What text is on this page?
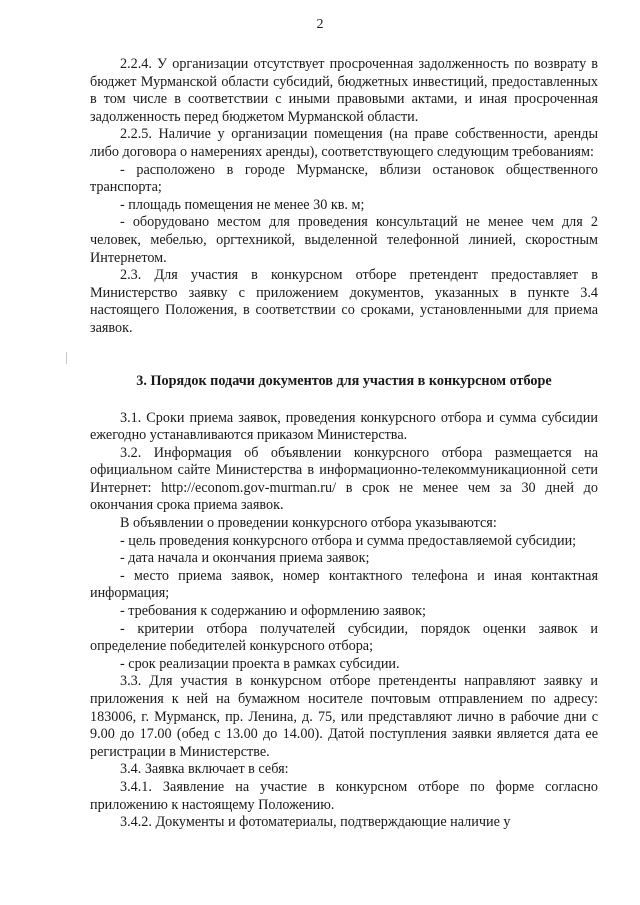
2

2.2.4. У организации отсутствует просроченная задолженность по возврату в бюджет Мурманской области субсидий, бюджетных инвестиций, предоставленных в том числе в соответствии с иными правовыми актами, и иная просроченная задолженность перед бюджетом Мурманской области.

2.2.5. Наличие у организации помещения (на праве собственности, аренды либо договора о намерениях аренды), соответствующего следующим требованиям:

- расположено в городе Мурманске, вблизи остановок общественного транспорта;

- площадь помещения не менее 30 кв. м;

- оборудовано местом для проведения консультаций не менее чем для 2 человек, мебелью, оргтехникой, выделенной телефонной линией, скоростным Интернетом.

2.3. Для участия в конкурсном отборе претендент предоставляет в Министерство заявку с приложением документов, указанных в пункте 3.4 настоящего Положения, в соответствии со сроками, установленными для приема заявок.

3. Порядок подачи документов для участия в конкурсном отборе

3.1. Сроки приема заявок, проведения конкурсного отбора и сумма субсидии ежегодно устанавливаются приказом Министерства.

3.2. Информация об объявлении конкурсного отбора размещается на официальном сайте Министерства в информационно-телекоммуникационной сети Интернет: http://econom.gov-murman.ru/ в срок не менее чем за 30 дней до окончания срока приема заявок.

В объявлении о проведении конкурсного отбора указываются:

- цель проведения конкурсного отбора и сумма предоставляемой субсидии;

- дата начала и окончания приема заявок;

- место приема заявок, номер контактного телефона и иная контактная информация;

- требования к содержанию и оформлению заявок;

- критерии отбора получателей субсидии, порядок оценки заявок и определение победителей конкурсного отбора;

- срок реализации проекта в рамках субсидии.

3.3. Для участия в конкурсном отборе претенденты направляют заявку и приложения к ней на бумажном носителе почтовым отправлением по адресу: 183006, г. Мурманск, пр. Ленина, д. 75, или представляют лично в рабочие дни с 9.00 до 17.00 (обед с 13.00 до 14.00). Датой поступления заявки является дата ее регистрации в Министерстве.

3.4. Заявка включает в себя:

3.4.1. Заявление на участие в конкурсном отборе по форме согласно приложению к настоящему Положению.

3.4.2. Документы и фотоматериалы, подтверждающие наличие у
